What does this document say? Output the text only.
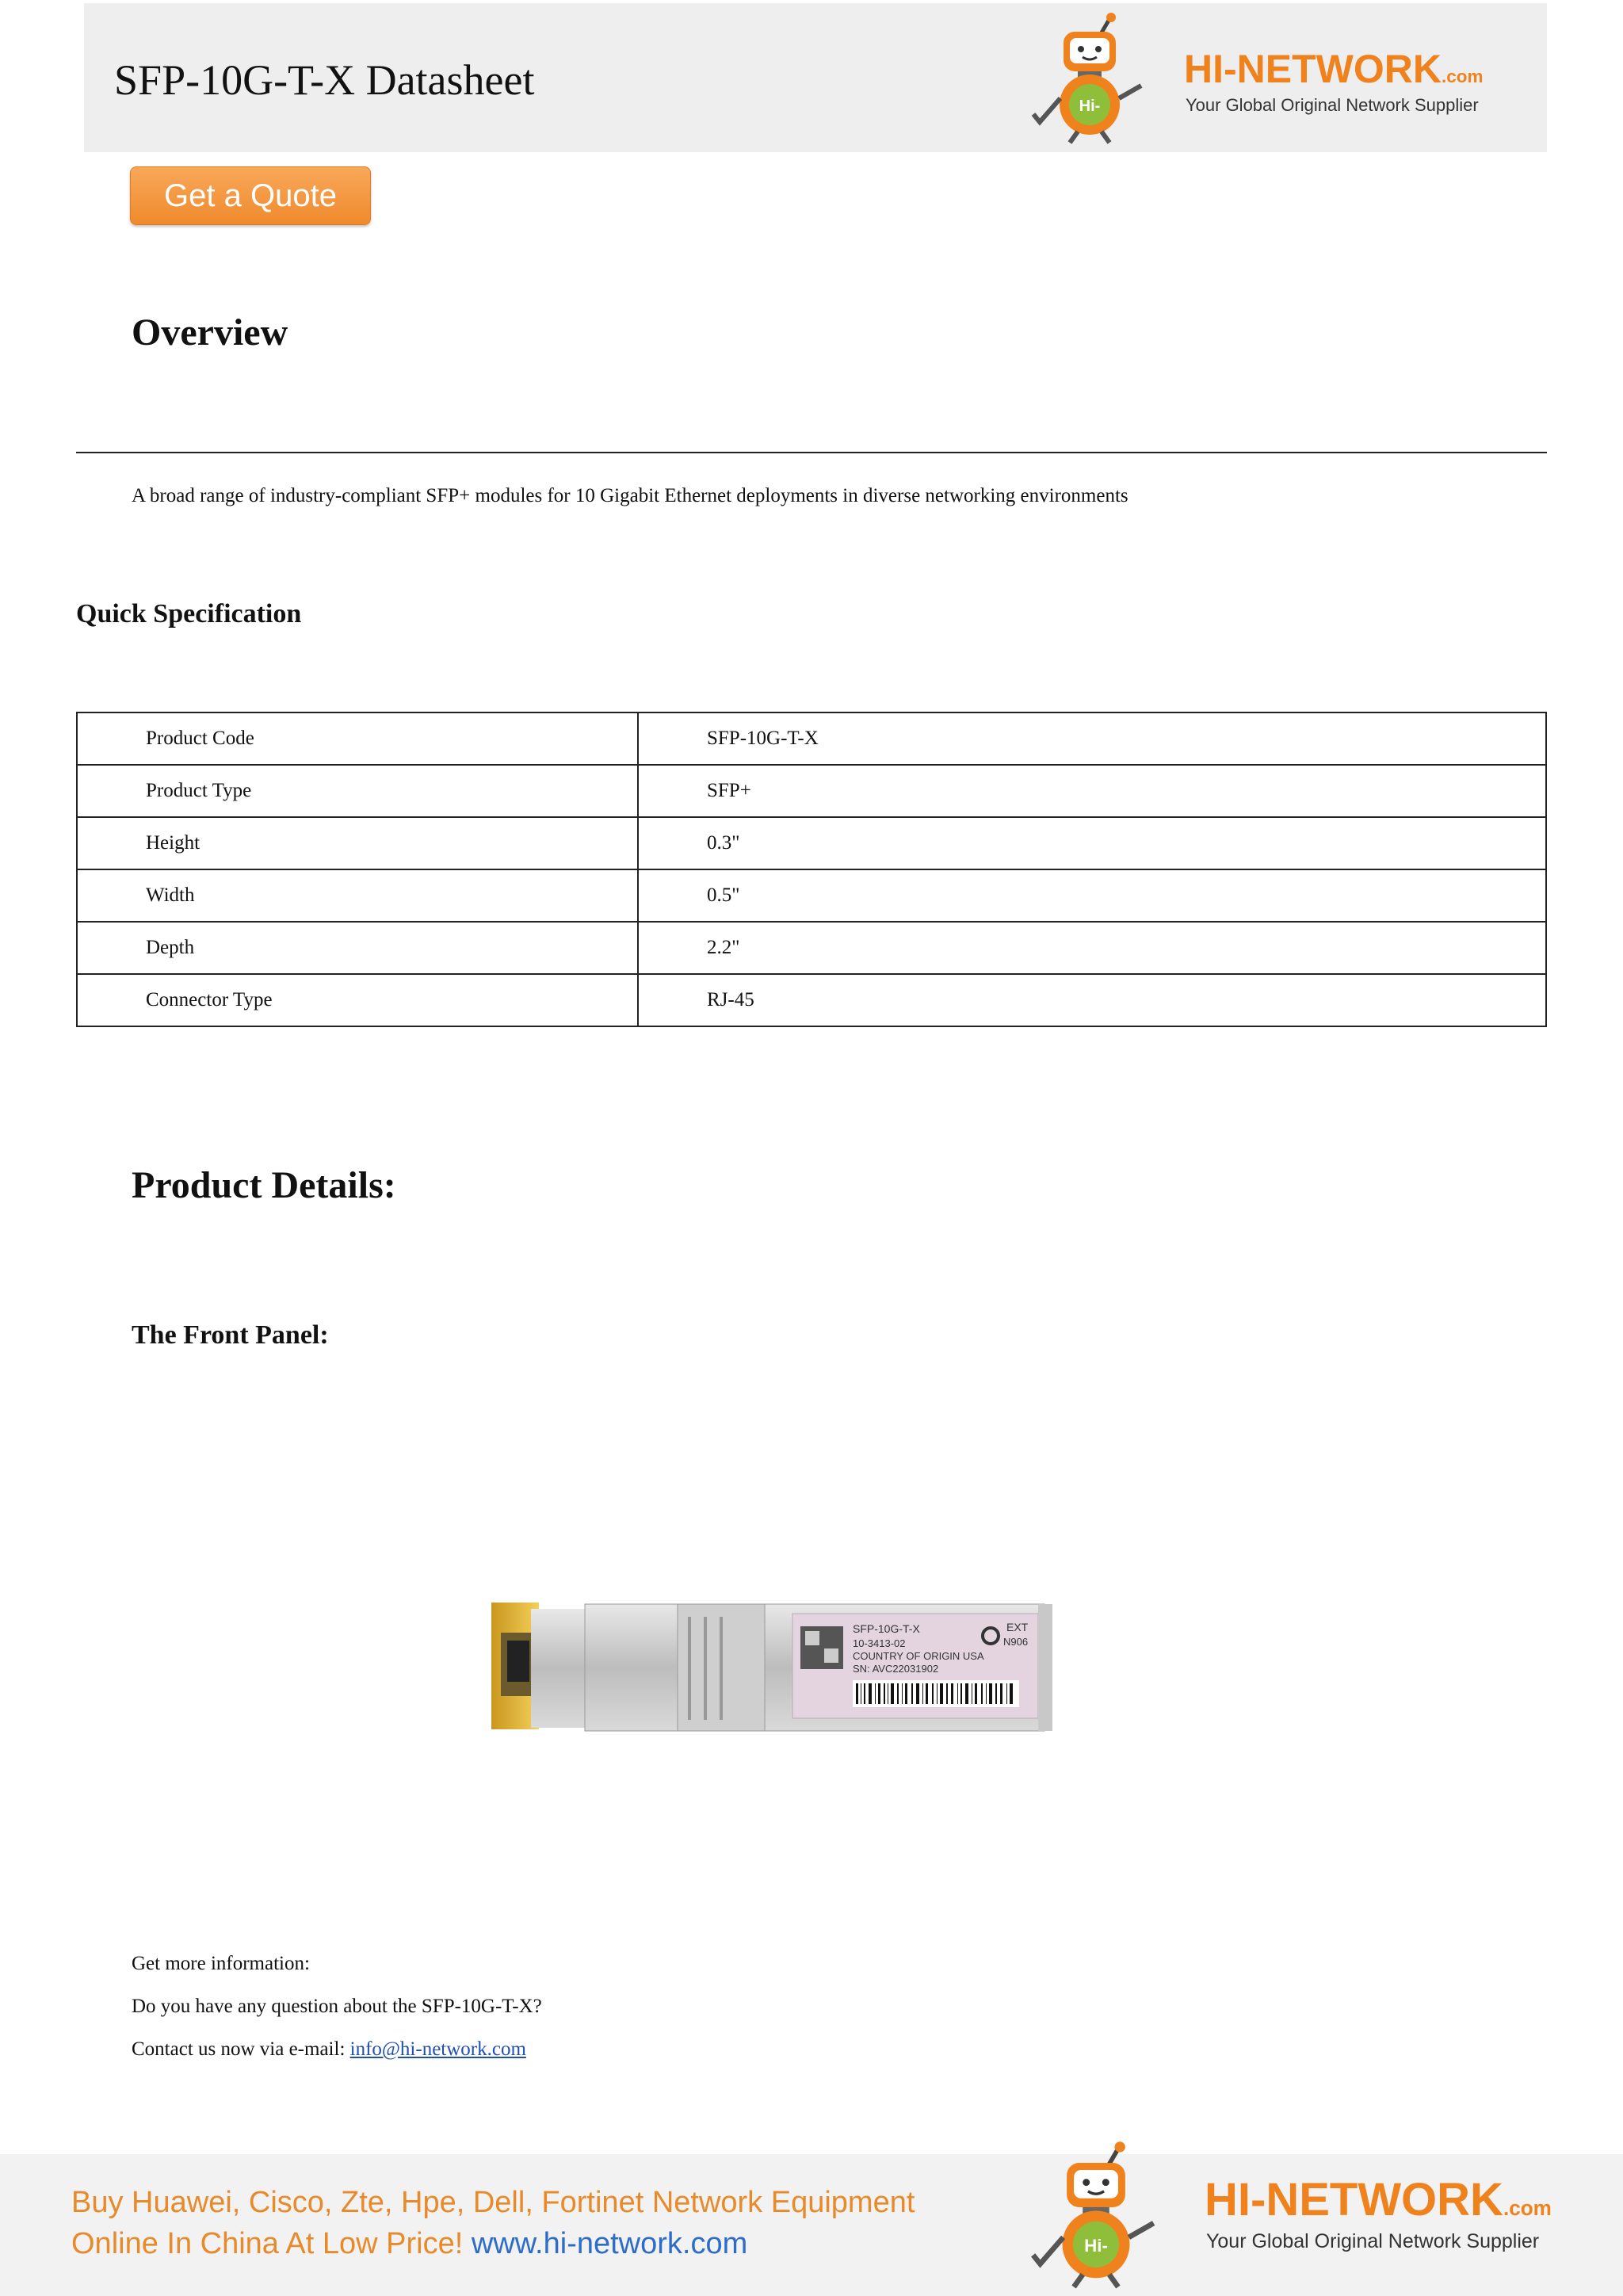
SFP-10G-T-X Datasheet
Hi-
HI-NETWORK.com
Your Global Original Network Supplier
Get a Quote
Overview
A broad range of industry-compliant SFP+ modules for 10 Gigabit Ethernet deployments in diverse networking environments
Quick Specification
Product Code	SFP-10G-T-X
Product Type	SFP+
Height	0.3"
Width	0.5"
Depth	2.2"
Connector Type	RJ-45
Product Details:
The Front Panel:
SFP-10G-T-X	EXT
N906
10-3413-02
COUNTRY OF ORIGIN USA
SN: AVC22031902
Get more information:
Do you have any question about the SFP-10G-T-X?
Contact us now via e-mail: info@hi-network.com
Buy Huawei, Cisco, Zte, Hpe, Dell, Fortinet Network Equipment
Online In China At Low Price! www.hi-network.com	Hi-
HI-NETWORK.com
Your Global Original Network Supplier
